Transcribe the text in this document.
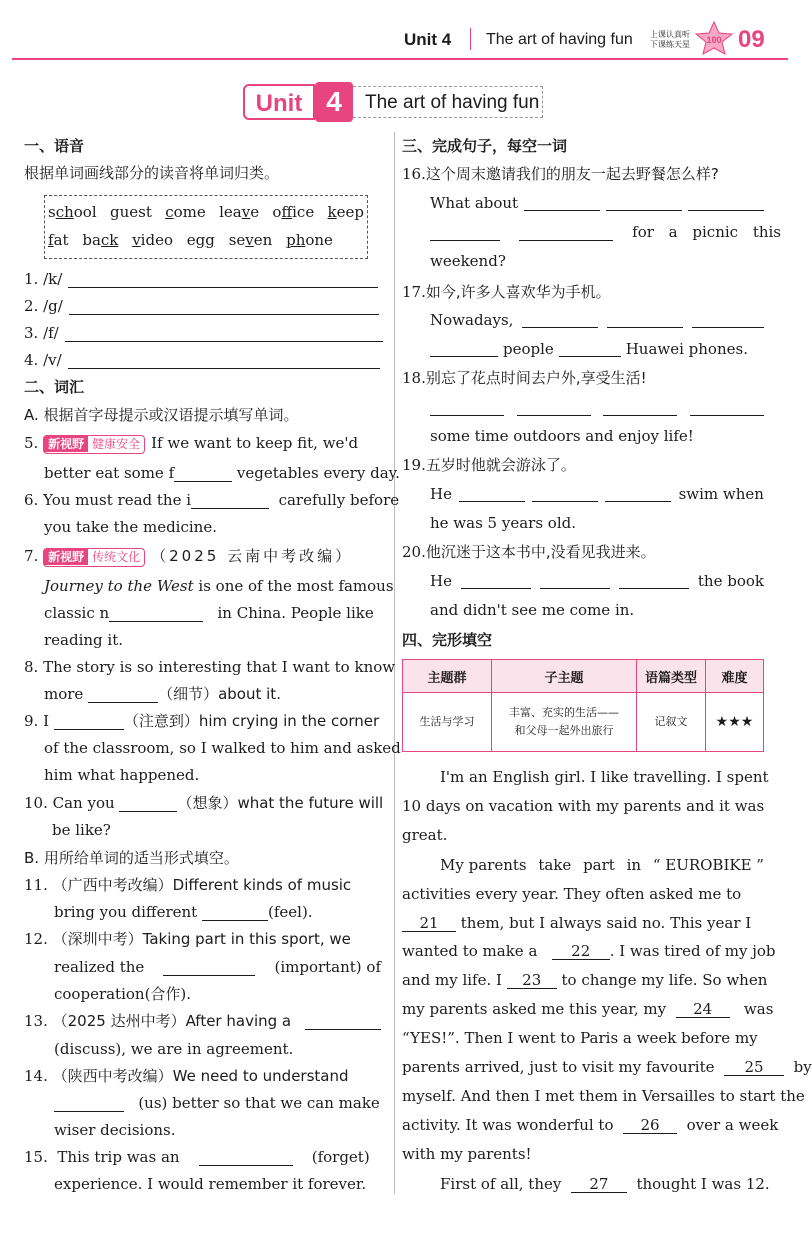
Unit 4 The art of having fun 上课认真听
下课练天星	100 09
Unit 4	The art of having fun
一、语音
根据单词画线部分的读音将单词归类。
school guest come leave office keep
fat back video egg seven phone
1. /k/
2. /g/
3. /f/
4. /v/
二、词汇
A. 根据首字母提示或汉语提示填写单词。
5. 新视野 健康安全 If we want to keep fit, we'd
better eat some f	vegetables every day.
6. You must read the i	carefully before
you take the medicine.
7. 新视野 传统文化 （2025 云南中考改编）
Journey to the West is one of the most famous
classic n	in China. People like
reading it.
8. The story is so interesting that I want to know
more	（细节）about it.
9. I	（注意到）him crying in the corner
of the classroom, so I walked to him and asked
him what happened.
10. Can you	（想象）what the future will
be like?
B. 用所给单词的适当形式填空。
11. （广西中考改编）Different kinds of music
bring you different	(feel).
12. （深圳中考）Taking part in this sport, we
realized the	(important) of
cooperation(合作).
13. （2025 达州中考）After having a
(discuss), we are in agreement.
14. （陕西中考改编）We need to understand
(us) better so that we can make
wiser decisions.
15. This trip was an	(forget)
experience. I would remember it forever.
三、完成句子，每空一词
16.这个周末邀请我们的朋友一起去野餐怎么样?
What about
for a picnic this
weekend?
17.如今,许多人喜欢华为手机。
Nowadays,
people	Huawei phones.
18.别忘了花点时间去户外,享受生活!
some time outdoors and enjoy life!
19.五岁时他就会游泳了。
He	swim when
he was 5 years old.
20.他沉迷于这本书中,没看见我进来。
He	the book
and didn't see me come in.
四、完形填空
主题群	子主题	语篇类型	难度
生活与学习	丰富、充实的生活——
和父母一起外出旅行	记叙文	★★★
I'm an English girl. I like travelling. I spent
10 days on vacation with my parents and it was
great.
My parents take part in “ EUROBIKE ”
activities every year. They often asked me to
21 them, but I always said no. This year I
wanted to make a 22 . I was tired of my job
and my life. I 23 to change my life. So when
my parents asked me this year, my 24 was
“YES!”. Then I went to Paris a week before my
parents arrived, just to visit my favourite 25 by
myself. And then I met them in Versailles to start the
activity. It was wonderful to 26 over a week
with my parents!
First of all, they 27 thought I was 12.
